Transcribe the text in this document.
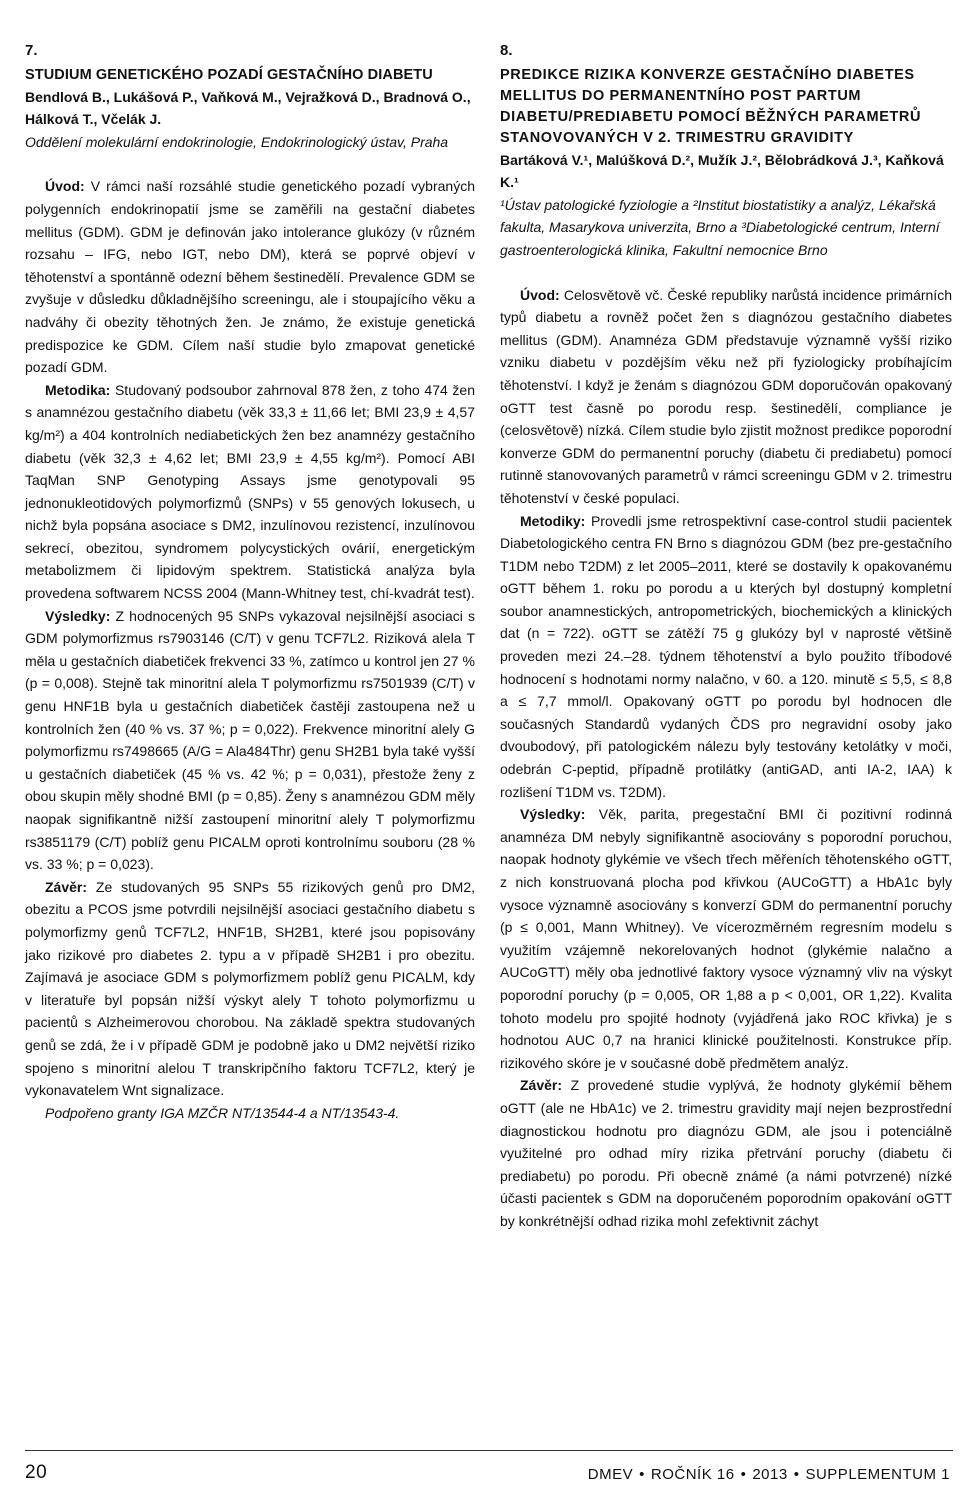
7.

STUDIUM GENETICKÉHO POZADÍ GESTAČNÍHO DIABETU

Bendlová B., Lukášová P., Vaňková M., Vejražková D., Bradnová O., Hálková T., Včelák J.

Oddělení molekulární endokrinologie, Endokrinologický ústav, Praha

Úvod: V rámci naší rozsáhlé studie genetického pozadí vybraných polygenních endokrinopatií jsme se zaměřili na gestační diabetes mellitus (GDM). GDM je definován jako intolerance glukózy (v různém rozsahu – IFG, nebo IGT, nebo DM), která se poprvé objeví v těhotenství a spontánně odezní během šestinedělí. Prevalence GDM se zvyšuje v důsledku důkladnějšího screeningu, ale i stoupajícího věku a nadváhy či obezity těhotných žen. Je známo, že existuje genetická predispozice ke GDM. Cílem naší studie bylo zmapovat genetické pozadí GDM.

Metodika: Studovaný podsoubor zahrnoval 878 žen, z toho 474 žen s anamnézou gestačního diabetu (věk 33,3 ± 11,66 let; BMI 23,9 ± 4,57 kg/m²) a 404 kontrolních nediabetických žen bez anamnézy gestačního diabetu (věk 32,3 ± 4,62 let; BMI 23,9 ± 4,55 kg/m²). Pomocí ABI TaqMan SNP Genotyping Assays jsme genotypovali 95 jednonukleotidových polymorfizmů (SNPs) v 55 genových lokusech, u nichž byla popsána asociace s DM2, inzulínovou rezistencí, inzulínovou sekrecí, obezitou, syndromem polycystických ovárií, energetickým metabolizmem či lipidovým spektrem. Statistická analýza byla provedena softwarem NCSS 2004 (Mann-Whitney test, chí-kvadrát test).

Výsledky: Z hodnocených 95 SNPs vykazoval nejsilnější asociaci s GDM polymorfizmus rs7903146 (C/T) v genu TCF7L2. Riziková alela T měla u gestačních diabetiček frekvenci 33 %, zatímco u kontrol jen 27 % (p = 0,008). Stejně tak minoritní alela T polymorfizmu rs7501939 (C/T) v genu HNF1B byla u gestačních diabetiček častěji zastoupena než u kontrolních žen (40 % vs. 37 %; p = 0,022). Frekvence minoritní alely G polymorfizmu rs7498665 (A/G = Ala484Thr) genu SH2B1 byla také vyšší u gestačních diabetiček (45 % vs. 42 %; p = 0,031), přestože ženy z obou skupin měly shodné BMI (p = 0,85). Ženy s anamnézou GDM měly naopak signifikantně nižší zastoupení minoritní alely T polymorfizmu rs3851179 (C/T) poblíž genu PICALM oproti kontrolnímu souboru (28 % vs. 33 %; p = 0,023).

Závěr: Ze studovaných 95 SNPs 55 rizikových genů pro DM2, obezitu a PCOS jsme potvrdili nejsilnější asociaci gestačního diabetu s polymorfizmy genů TCF7L2, HNF1B, SH2B1, které jsou popisovány jako rizikové pro diabetes 2. typu a v případě SH2B1 i pro obezitu. Zajímavá je asociace GDM s polymorfizmem poblíž genu PICALM, kdy v literatuře byl popsán nižší výskyt alely T tohoto polymorfizmu u pacientů s Alzheimerovou chorobou. Na základě spektra studovaných genů se zdá, že i v případě GDM je podobně jako u DM2 největší riziko spojeno s minoritní alelou T transkripčního faktoru TCF7L2, který je vykonavatelem Wnt signalizace.

Podpořeno granty IGA MZČR NT/13544-4 a NT/13543-4.

8.

PREDIKCE RIZIKA KONVERZE GESTAČNÍHO DIABETES MELLITUS DO PERMANENTNÍHO POST PARTUM DIABETU/PREDIABETU POMOCÍ BĚŽNÝCH PARAMETRŮ STANOVOVANÝCH V 2. TRIMESTRU GRAVIDITY

Bartáková V.¹, Malúšková D.², Mužík J.², Bělobrádková J.³, Kaňková K.¹

¹Ústav patologické fyziologie a ²Institut biostatistiky a analýz, Lékařská fakulta, Masarykova univerzita, Brno a ³Diabetologické centrum, Interní gastroenterologická klinika, Fakultní nemocnice Brno

Úvod: Celosvětově vč. České republiky narůstá incidence primárních typů diabetu a rovněž počet žen s diagnózou gestačního diabetes mellitus (GDM). Anamnéza GDM představuje významně vyšší riziko vzniku diabetu v pozdějším věku než při fyziologicky probíhajícím těhotenství. I když je ženám s diagnózou GDM doporučován opakovaný oGTT test časně po porodu resp. šestinedělí, compliance je (celosvětově) nízká. Cílem studie bylo zjistit možnost predikce poporodní konverze GDM do permanentní poruchy (diabetu či prediabetu) pomocí rutinně stanovovaných parametrů v rámci screeningu GDM v 2. trimestru těhotenství v české populaci.

Metodiky: Provedli jsme retrospektivní case-control studii pacientek Diabetologického centra FN Brno s diagnózou GDM (bez pre-gestačního T1DM nebo T2DM) z let 2005–2011, které se dostavily k opakovanému oGTT během 1. roku po porodu a u kterých byl dostupný kompletní soubor anamnestických, antropometrických, biochemických a klinických dat (n = 722). oGTT se zátěží 75 g glukózy byl v naprosté většině proveden mezi 24.–28. týdnem těhotenství a bylo použito tříbodové hodnocení s hodnotami normy nalačno, v 60. a 120. minutě ≤ 5,5, ≤ 8,8 a ≤ 7,7 mmol/l. Opakovaný oGTT po porodu byl hodnocen dle současných Standardů vydaných ČDS pro negravidní osoby jako dvoubodový, při patologickém nálezu byly testovány ketolátky v moči, odebrán C-peptid, případně protilátky (antiGAD, anti IA-2, IAA) k rozlišení T1DM vs. T2DM).

Výsledky: Věk, parita, pregestační BMI či pozitivní rodinná anamnéza DM nebyly signifikantně asociovány s poporodní poruchou, naopak hodnoty glykémie ve všech třech měřeních těhotenského oGTT, z nich konstruovaná plocha pod křivkou (AUCoGTT) a HbA1c byly vysoce významně asociovány s konverzí GDM do permanentní poruchy (p ≤ 0,001, Mann Whitney). Ve vícerozměrném regresním modelu s využitím vzájemně nekorelovaných hodnot (glykémie nalačno a AUCoGTT) měly oba jednotlivé faktory vysoce významný vliv na výskyt poporodní poruchy (p = 0,005, OR 1,88 a p < 0,001, OR 1,22). Kvalita tohoto modelu pro spojité hodnoty (vyjádřená jako ROC křivka) je s hodnotou AUC 0,7 na hranici klinické použitelnosti. Konstrukce příp. rizikového skóre je v současné době předmětem analýz.

Závěr: Z provedené studie vyplývá, že hodnoty glykémií během oGTT (ale ne HbA1c) ve 2. trimestru gravidity mají nejen bezprostřední diagnostickou hodnotu pro diagnózu GDM, ale jsou i potenciálně využitelné pro odhad míry rizika přetrvání poruchy (diabetu či prediabetu) po porodu. Při obecně známé (a námi potvrzené) nízké účasti pacientek s GDM na doporučeném poporodním opakování oGTT by konkrétnější odhad rizika mohl zefektivnit záchyt

20	DMEV • ROČNÍK 16 • 2013 • SUPPLEMENTUM 1
